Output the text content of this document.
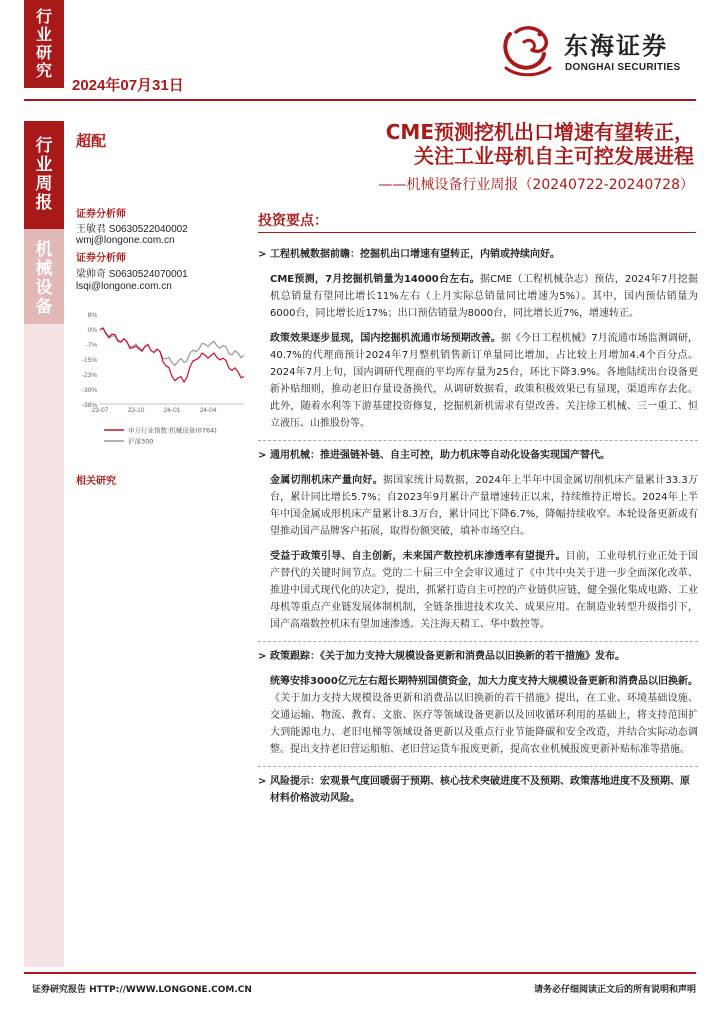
行
业
研
究
2024年07月31日
东海证券
DONGHAI SECURITIES
行
业
周
报
机
械
设
备
超配	CME预测挖机出口增速有望转正，
关注工业母机自主可控发展进程
——机械设备行业周报（20240722-20240728）
证券分析师
王敏君 S0630522040002
wmj@longone.com.cn
证券分析师
梁帅奇 S0630524070001
lsqi@longone.com.cn
8%
0%
-7%
-15%
-23%
-30%
-38%
23-07	23-10	24-01	24-04
申万行业指数:机械设备(0764)
沪深300
相关研究
投资要点：
> 工程机械数据前瞻：挖掘机出口增速有望转正，内销或持续向好。
CME预测，7月挖掘机销量为14000台左右。据CME（工程机械杂志）预估，2024年7月挖掘机总销量有望同比增长11%左右（上月实际总销量同比增速为5%）。其中，国内预估销量为6000台，同比增长近17%；出口预估销量为8000台，同比增长近7%，增速转正。
政策效果逐步显现，国内挖掘机流通市场预期改善。据《今日工程机械》7月流通市场监测调研，40.7%的代理商预计2024年7月整机销售新订单量同比增加，占比较上月增加4.4个百分点。2024年7月上旬，国内调研代理商的平均库存量为25台，环比下降3.9%。各地陆续出台设备更新补贴细则，推动老旧存量设备换代，从调研数据看，政策积极效果已有显现，渠道库存去化。此外，随着水利等下游基建投资修复，挖掘机新机需求有望改善。关注徐工机械、三一重工、恒立液压、山推股份等。
> 通用机械：推进强链补链、自主可控，助力机床等自动化设备实现国产替代。
金属切削机床产量向好。据国家统计局数据，2024年上半年中国金属切削机床产量累计33.3万台，累计同比增长5.7%；自2023年9月累计产量增速转正以来，持续维持正增长。2024年上半年中国金属成形机床产量累计8.3万台，累计同比下降6.7%，降幅持续收窄。本轮设备更新或有望推动国产品牌客户拓展，取得份额突破，填补市场空白。
受益于政策引导、自主创新，未来国产数控机床渗透率有望提升。目前，工业母机行业正处于国产替代的关键时间节点。党的二十届三中全会审议通过了《中共中央关于进一步全面深化改革、推进中国式现代化的决定》，提出，抓紧打造自主可控的产业链供应链，健全强化集成电路、工业母机等重点产业链发展体制机制，全链条推进技术攻关、成果应用。在制造业转型升级指引下，国产高端数控机床有望加速渗透。关注海天精工、华中数控等。
> 政策跟踪：《关于加力支持大规模设备更新和消费品以旧换新的若干措施》发布。
统筹安排3000亿元左右超长期特别国债资金，加大力度支持大规模设备更新和消费品以旧换新。《关于加力支持大规模设备更新和消费品以旧换新的若干措施》提出，在工业、环境基础设施、交通运输、物流、教育、文旅、医疗等领域设备更新以及回收循环利用的基础上，将支持范围扩大到能源电力、老旧电梯等领域设备更新以及重点行业节能降碳和安全改造，并结合实际动态调整。提出支持老旧营运船舶、老旧营运货车报废更新，提高农业机械报废更新补贴标准等措施。
> 风险提示：宏观景气度回暖弱于预期、核心技术突破进度不及预期、政策落地进度不及预期、原材料价格波动风险。
证券研究报告 HTTP://WWW.LONGONE.COM.CN	请务必仔细阅读正文后的所有说明和声明
